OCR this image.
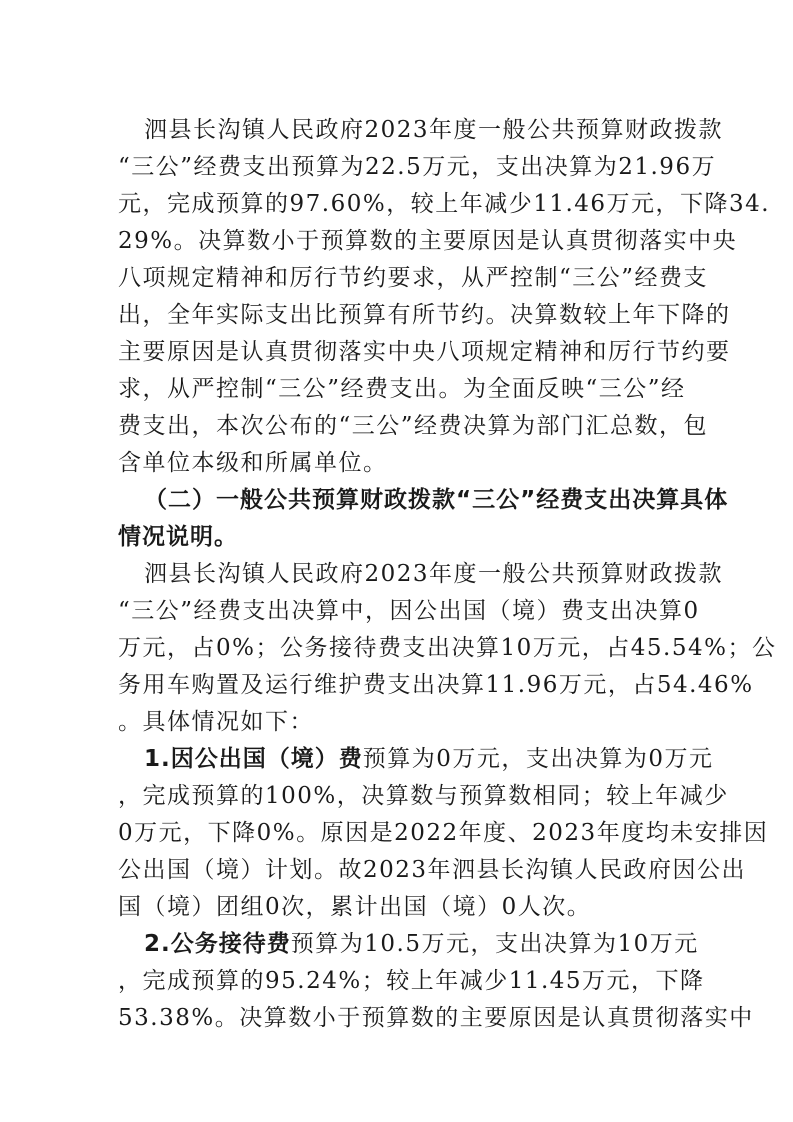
泗县长沟镇人民政府2023年度一般公共预算财政拨款
“三公”经费支出预算为22.5万元，支出决算为21.96万
元，完成预算的97.60%，较上年减少11.46万元，下降34.
29%。决算数小于预算数的主要原因是认真贯彻落实中央
八项规定精神和厉行节约要求，从严控制“三公”经费支
出，全年实际支出比预算有所节约。决算数较上年下降的
主要原因是认真贯彻落实中央八项规定精神和厉行节约要
求，从严控制“三公”经费支出。为全面反映“三公”经
费支出，本次公布的“三公”经费决算为部门汇总数，包
含单位本级和所属单位。
（二）一般公共预算财政拨款“三公”经费支出决算具体
情况说明。
泗县长沟镇人民政府2023年度一般公共预算财政拨款
“三公”经费支出决算中，因公出国（境）费支出决算0
万元，占0%；公务接待费支出决算10万元，占45.54%；公
务用车购置及运行维护费支出决算11.96万元，占54.46%
。具体情况如下：
1.因公出国（境）费预算为0万元，支出决算为0万元
，完成预算的100%，决算数与预算数相同；较上年减少
0万元，下降0%。原因是2022年度、2023年度均未安排因
公出国（境）计划。故2023年泗县长沟镇人民政府因公出
国（境）团组0次，累计出国（境）0人次。
2.公务接待费预算为10.5万元，支出决算为10万元
，完成预算的95.24%；较上年减少11.45万元，下降
53.38%。决算数小于预算数的主要原因是认真贯彻落实中
